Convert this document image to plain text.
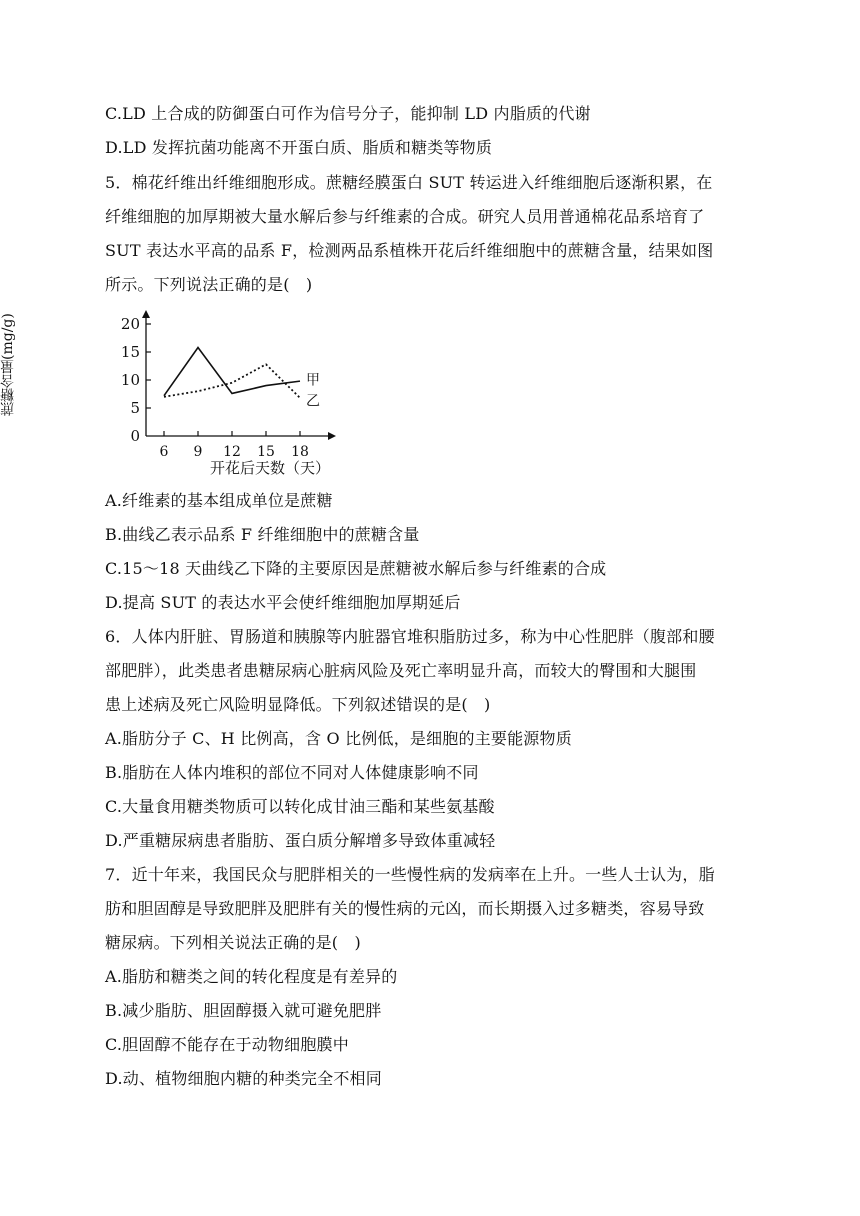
C.LD 上合成的防御蛋白可作为信号分子，能抑制 LD 内脂质的代谢
D.LD 发挥抗菌功能离不开蛋白质、脂质和糖类等物质
5．棉花纤维出纤维细胞形成。蔗糖经膜蛋白 SUT 转运进入纤维细胞后逐渐积累，在
纤维细胞的加厚期被大量水解后参与纤维素的合成。研究人员用普通棉花品系培育了
SUT 表达水平高的品系 F，检测两品系植株开花后纤维细胞中的蔗糖含量，结果如图
所示。下列说法正确的是(　)
蔗糖含量(mg/g)
0
5
10
15
20
6 9 12 15 18
开花后天数（天）
甲
乙
A.纤维素的基本组成单位是蔗糖
B.曲线乙表示品系 F 纤维细胞中的蔗糖含量
C.15～18 天曲线乙下降的主要原因是蔗糖被水解后参与纤维素的合成
D.提高 SUT 的表达水平会使纤维细胞加厚期延后
6．人体内肝脏、胃肠道和胰腺等内脏器官堆积脂肪过多，称为中心性肥胖（腹部和腰
部肥胖），此类患者患糖尿病心脏病风险及死亡率明显升高，而较大的臀围和大腿围
患上述病及死亡风险明显降低。下列叙述错误的是(　)
A.脂肪分子 C、H 比例高，含 O 比例低，是细胞的主要能源物质
B.脂肪在人体内堆积的部位不同对人体健康影响不同
C.大量食用糖类物质可以转化成甘油三酯和某些氨基酸
D.严重糖尿病患者脂肪、蛋白质分解增多导致体重减轻
7．近十年来，我国民众与肥胖相关的一些慢性病的发病率在上升。一些人士认为，脂
肪和胆固醇是导致肥胖及肥胖有关的慢性病的元凶，而长期摄入过多糖类，容易导致
糖尿病。下列相关说法正确的是(　)
A.脂肪和糖类之间的转化程度是有差异的
B.减少脂肪、胆固醇摄入就可避免肥胖
C.胆固醇不能存在于动物细胞膜中
D.动、植物细胞内糖的种类完全不相同
